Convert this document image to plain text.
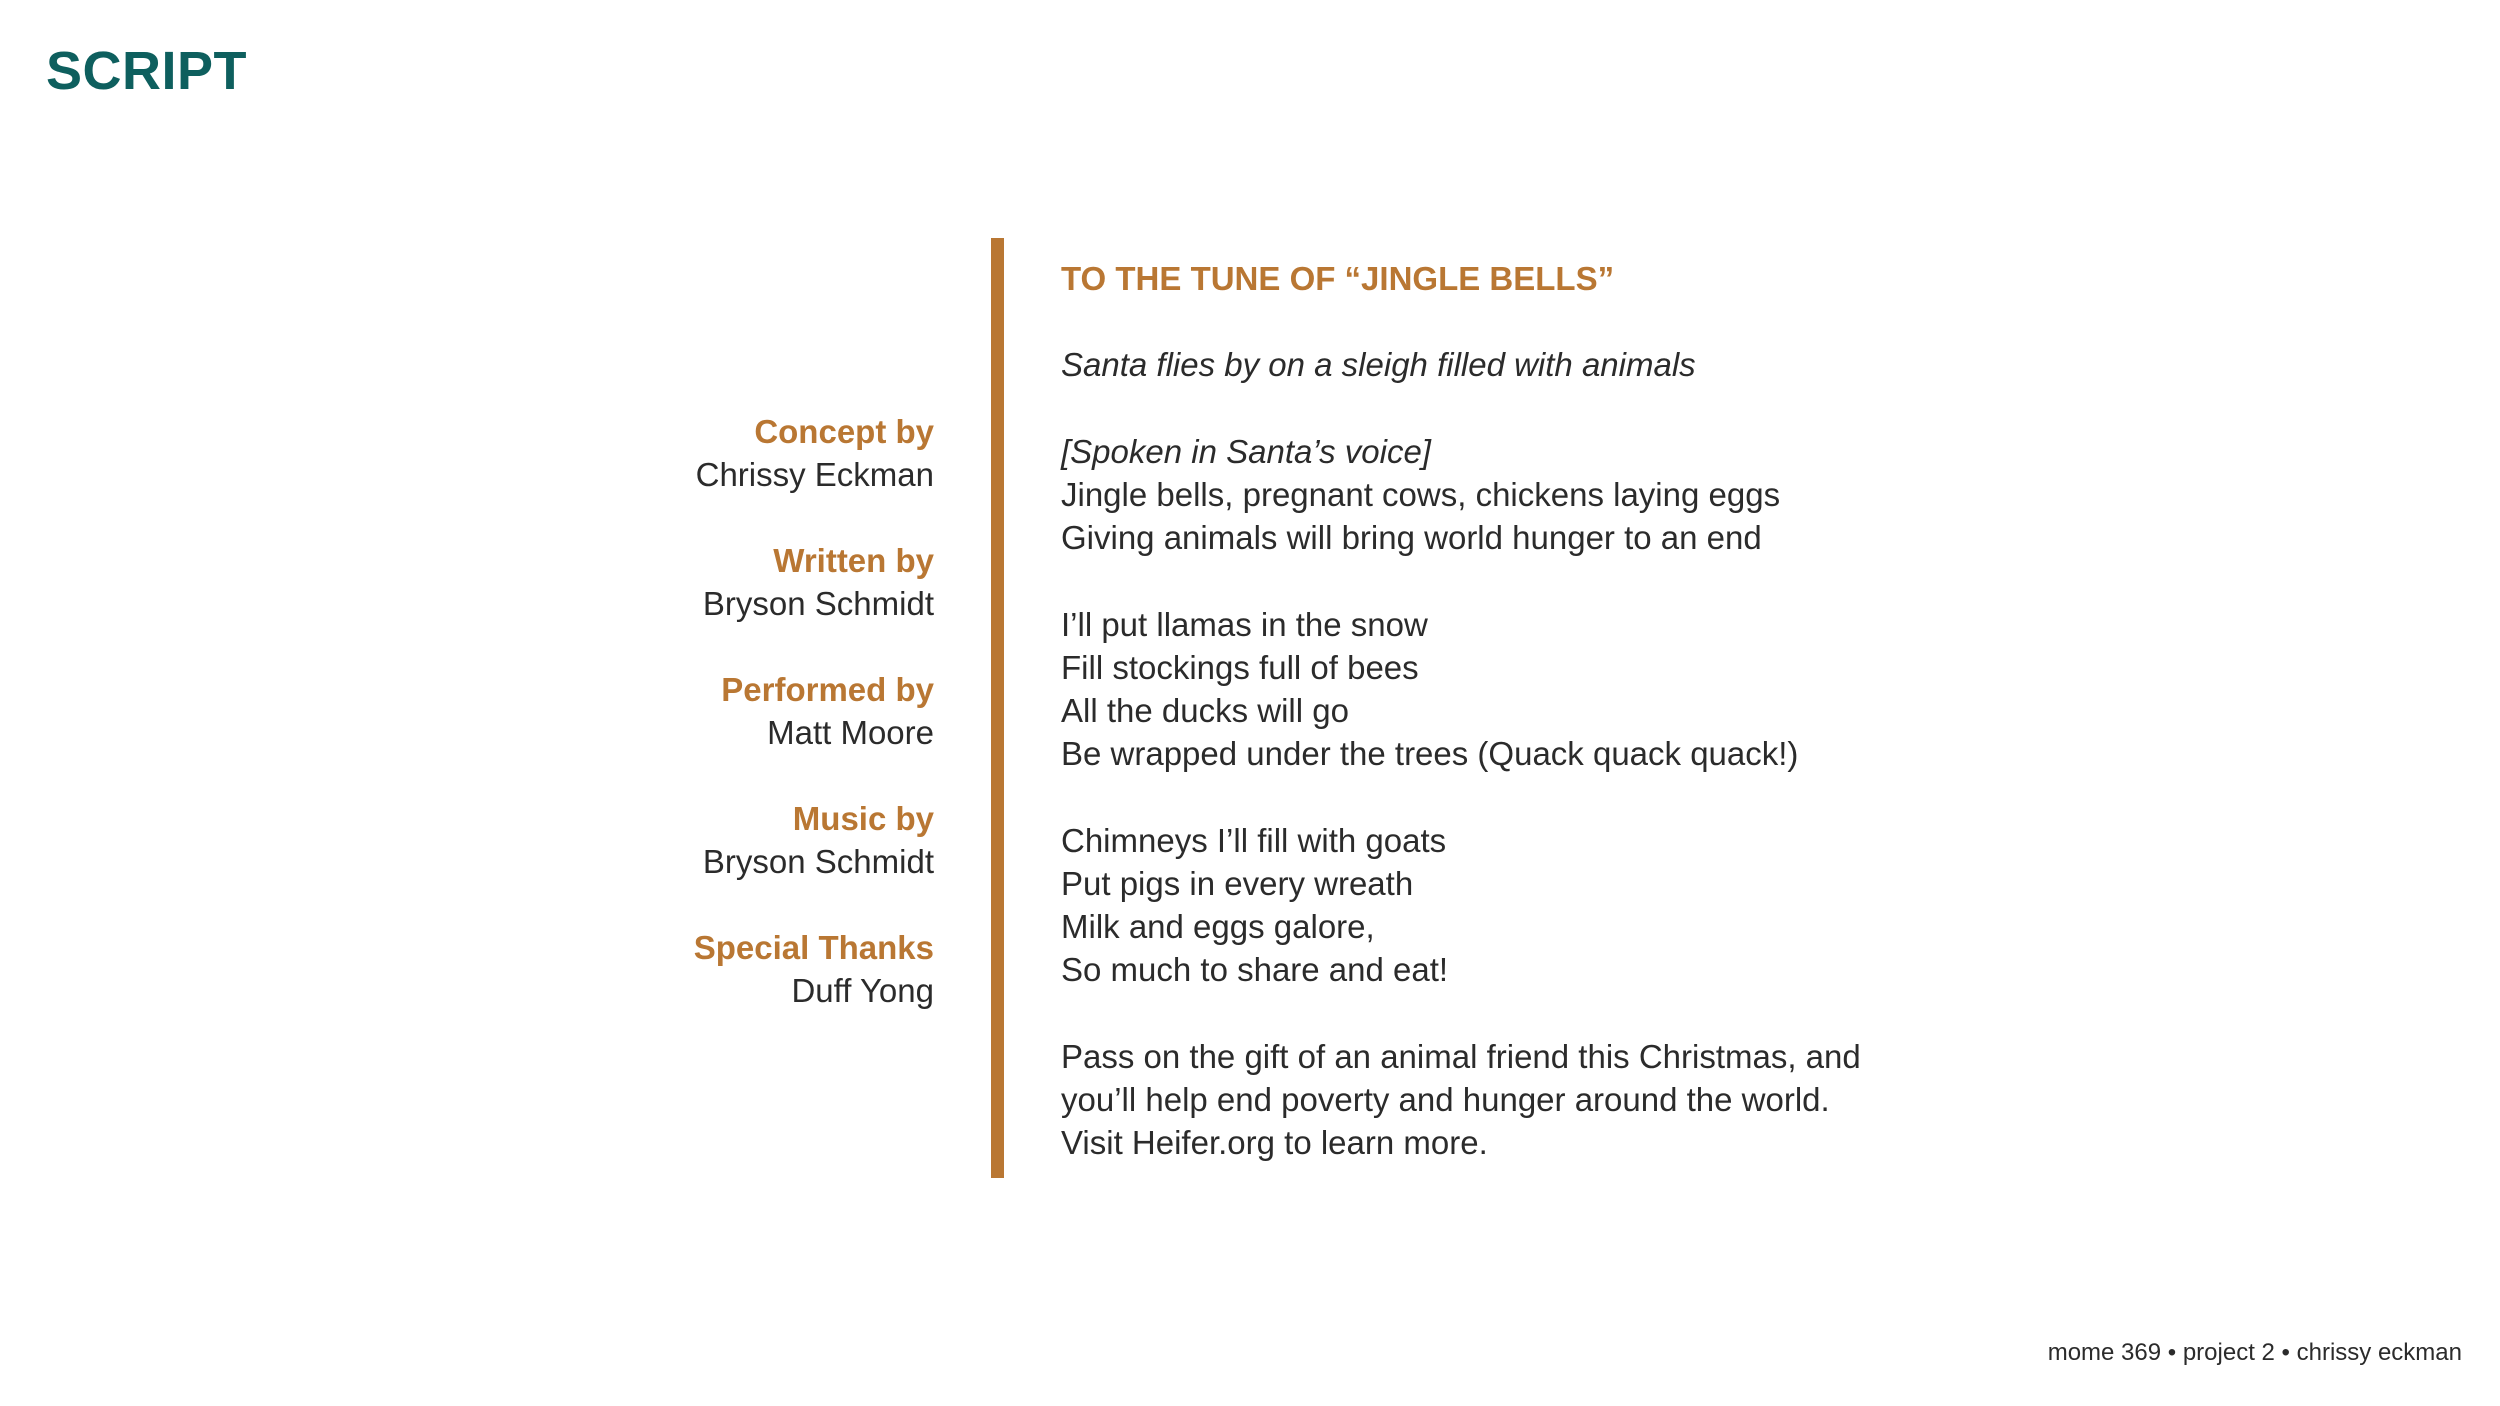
SCRIPT
Concept by
Chrissy Eckman
Written by
Bryson Schmidt
Performed by
Matt Moore
Music by
Bryson Schmidt
Special Thanks
Duff Yong
TO THE TUNE OF “JINGLE BELLS”
Santa flies by on a sleigh filled with animals
[Spoken in Santa’s voice]
Jingle bells, pregnant cows, chickens laying eggs
Giving animals will bring world hunger to an end
I’ll put llamas in the snow
Fill stockings full of bees
All the ducks will go
Be wrapped under the trees (Quack quack quack!)
Chimneys I’ll fill with goats
Put pigs in every wreath
Milk and eggs galore,
So much to share and eat!
Pass on the gift of an animal friend this Christmas, and
you’ll help end poverty and hunger around the world.
Visit Heifer.org to learn more.
mome 369 • project 2 • chrissy eckman
